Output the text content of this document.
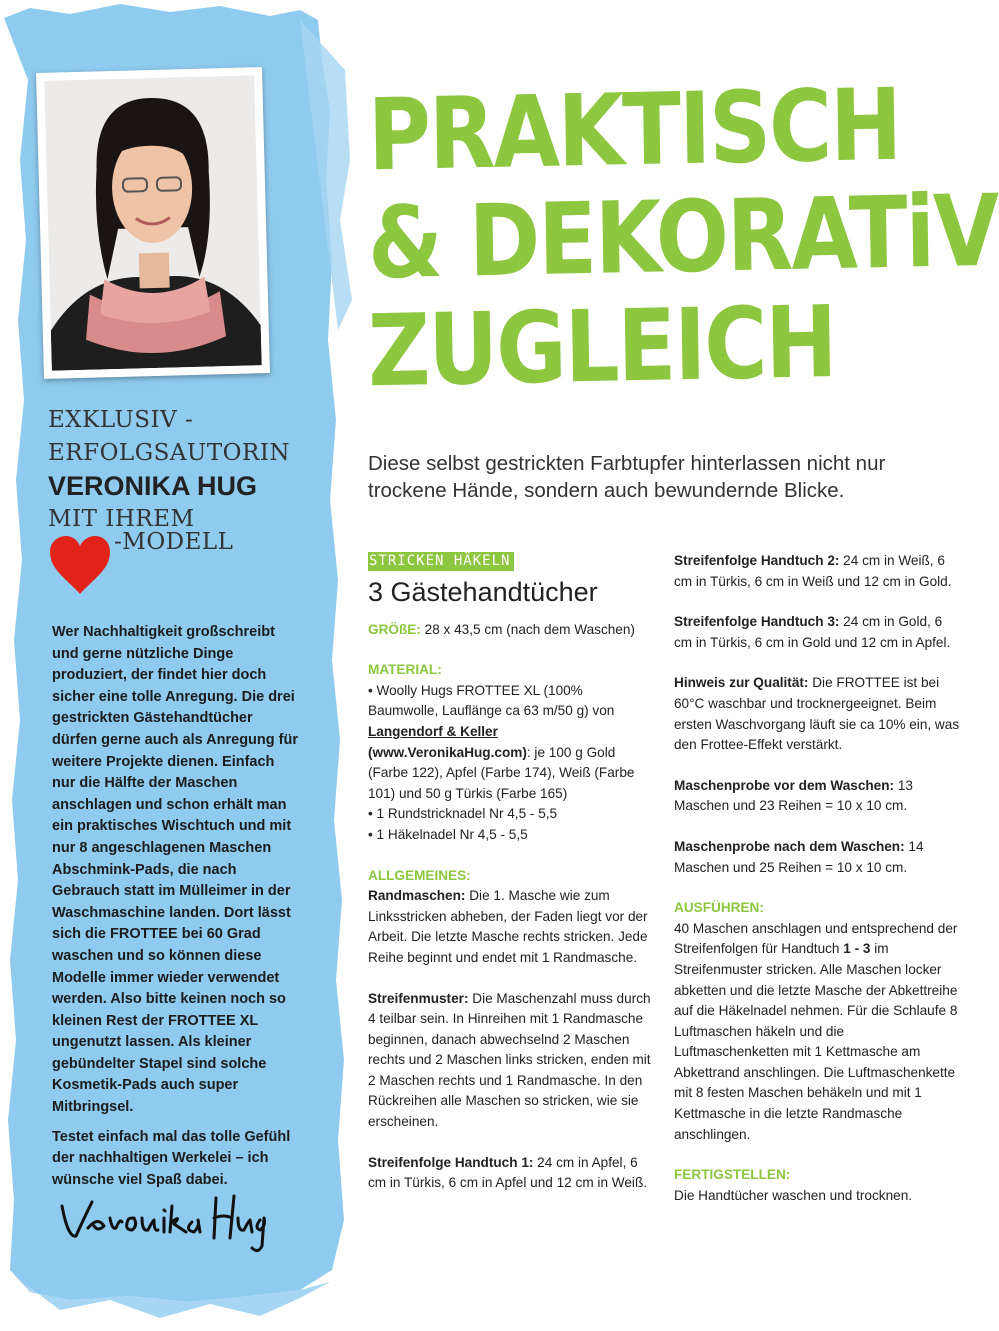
EXKLUSIV -
ERFOLGSAUTORIN
VERONIKA HUG
MIT IHREM
-MODELL

Wer Nachhaltigkeit großschreibt und gerne nützliche Dinge produziert, der findet hier doch sicher eine tolle Anregung. Die drei gestrickten Gästehandtücher dürfen gerne auch als Anregung für weitere Projekte dienen. Einfach nur die Hälfte der Maschen anschlagen und schon erhält man ein praktisches Wischtuch und mit nur 8 angeschlagenen Maschen Abschmink-Pads, die nach Gebrauch statt im Mülleimer in der Waschmaschine landen. Dort lässt sich die FROTTEE bei 60 Grad waschen und so können diese Modelle immer wieder verwendet werden. Also bitte keinen noch so kleinen Rest der FROTTEE XL ungenutzt lassen. Als kleiner gebündelter Stapel sind solche Kosmetik-Pads auch super Mitbringsel.

Testet einfach mal das tolle Gefühl der nachhaltigen Werkelei – ich wünsche viel Spaß dabei.

PRAKTISCH
& DEKORATiV
ZUGLEICH
Diese selbst gestrickten Farbtupfer hinterlassen nicht nur trockene Hände, sondern auch bewundernde Blicke.
STRICKEN HÄKELN
3 Gästehandtücher

GRÖßE: 28 x 43,5 cm (nach dem Waschen)

MATERIAL:
• Woolly Hugs FROTTEE XL (100% Baumwolle, Lauflänge ca 63 m/50 g) von Langendorf & Keller
(www.VeronikaHug.com): je 100 g Gold (Farbe 122), Apfel (Farbe 174), Weiß (Farbe 101) und 50 g Türkis (Farbe 165)
• 1 Rundstricknadel Nr 4,5 - 5,5
• 1 Häkelnadel Nr 4,5 - 5,5

ALLGEMEINES:
Randmaschen: Die 1. Masche wie zum Linksstricken abheben, der Faden liegt vor der Arbeit. Die letzte Masche rechts stricken. Jede Reihe beginnt und endet mit 1 Randmasche.

Streifenmuster: Die Maschenzahl muss durch 4 teilbar sein. In Hinreihen mit 1 Randmasche beginnen, danach abwechselnd 2 Maschen rechts und 2 Maschen links stricken, enden mit 2 Maschen rechts und 1 Randmasche. In den Rückreihen alle Maschen so stricken, wie sie erscheinen.

Streifenfolge Handtuch 1: 24 cm in Apfel, 6 cm in Türkis, 6 cm in Apfel und 12 cm in Weiß.

Streifenfolge Handtuch 2: 24 cm in Weiß, 6 cm in Türkis, 6 cm in Weiß und 12 cm in Gold.

Streifenfolge Handtuch 3: 24 cm in Gold, 6 cm in Türkis, 6 cm in Gold und 12 cm in Apfel.

Hinweis zur Qualität: Die FROTTEE ist bei 60°C waschbar und trocknergeeignet. Beim ersten Waschvorgang läuft sie ca 10% ein, was den Frottee-Effekt verstärkt.

Maschenprobe vor dem Waschen: 13 Maschen und 23 Reihen = 10 x 10 cm.

Maschenprobe nach dem Waschen: 14 Maschen und 25 Reihen = 10 x 10 cm.

AUSFÜHREN:
40 Maschen anschlagen und entsprechend der Streifenfolgen für Handtuch 1 - 3 im Streifenmuster stricken. Alle Maschen locker abketten und die letzte Masche der Abkettreihe auf die Häkelnadel nehmen. Für die Schlaufe 8 Luftmaschen häkeln und die Luftmaschenketten mit 1 Kettmasche am Abkettrand anschlingen. Die Luftmaschenkette mit 8 festen Maschen behäkeln und mit 1 Kettmasche in die letzte Randmasche anschlingen.

FERTIGSTELLEN:
Die Handtücher waschen und trocknen.
